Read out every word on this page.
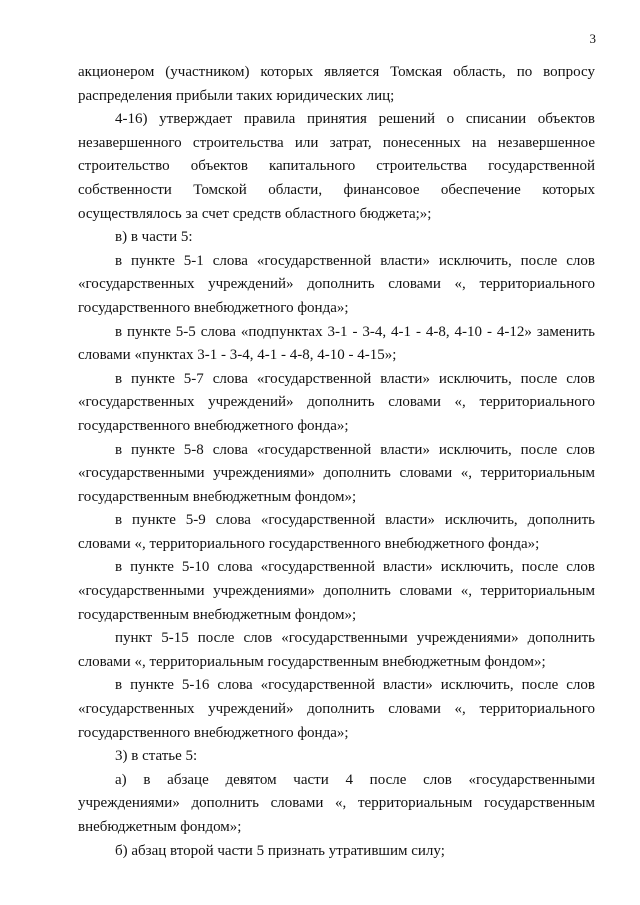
3

акционером (участником) которых является Томская область, по вопросу распределения прибыли таких юридических лиц;

4-16) утверждает правила принятия решений о списании объектов незавершенного строительства или затрат, понесенных на незавершенное строительство объектов капитального строительства государственной собственности Томской области, финансовое обеспечение которых осуществлялось за счет средств областного бюджета;»;

в) в части 5:

в пункте 5-1 слова «государственной власти» исключить, после слов «государственных учреждений» дополнить словами «, территориального государственного внебюджетного фонда»;

в пункте 5-5 слова «подпунктах 3-1 - 3-4, 4-1 - 4-8, 4-10 - 4-12» заменить словами «пунктах 3-1 - 3-4, 4-1 - 4-8, 4-10 - 4-15»;

в пункте 5-7 слова «государственной власти» исключить, после слов «государственных учреждений» дополнить словами «, территориального государственного внебюджетного фонда»;

в пункте 5-8 слова «государственной власти» исключить, после слов «государственными учреждениями» дополнить словами «, территориальным государственным внебюджетным фондом»;

в пункте 5-9 слова «государственной власти» исключить, дополнить словами «, территориального государственного внебюджетного фонда»;

в пункте 5-10 слова «государственной власти» исключить, после слов «государственными учреждениями» дополнить словами «, территориальным государственным внебюджетным фондом»;

пункт 5-15 после слов «государственными учреждениями» дополнить словами «, территориальным государственным внебюджетным фондом»;

в пункте 5-16 слова «государственной власти» исключить, после слов «государственных учреждений» дополнить словами «, территориального государственного внебюджетного фонда»;

3) в статье 5:

а) в абзаце девятом части 4 после слов «государственными учреждениями» дополнить словами «, территориальным государственным внебюджетным фондом»;

б) абзац второй части 5 признать утратившим силу;
